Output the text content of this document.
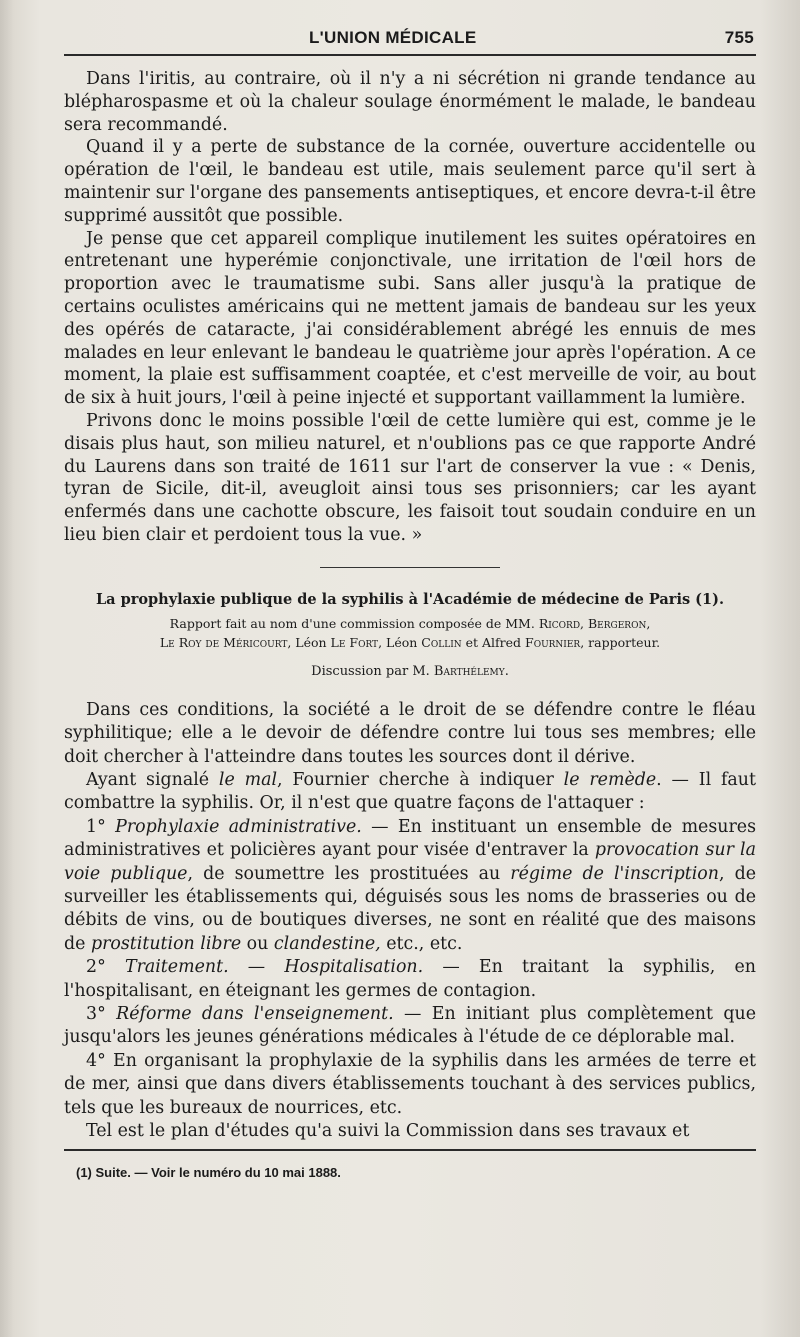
L'UNION MÉDICALE	755

Dans l'iritis, au contraire, où il n'y a ni sécrétion ni grande tendance au blépharospasme et où la chaleur soulage énormément le malade, le bandeau sera recommandé.

Quand il y a perte de substance de la cornée, ouverture accidentelle ou opération de l'œil, le bandeau est utile, mais seulement parce qu'il sert à maintenir sur l'organe des pansements antiseptiques, et encore devra-t-il être supprimé aussitôt que possible.

Je pense que cet appareil complique inutilement les suites opératoires en entretenant une hyperémie conjonctivale, une irritation de l'œil hors de proportion avec le traumatisme subi. Sans aller jusqu'à la pratique de certains oculistes américains qui ne mettent jamais de bandeau sur les yeux des opérés de cataracte, j'ai considérablement abrégé les ennuis de mes malades en leur enlevant le bandeau le quatrième jour après l'opération. A ce moment, la plaie est suffisamment coaptée, et c'est merveille de voir, au bout de six à huit jours, l'œil à peine injecté et supportant vaillamment la lumière.

Privons donc le moins possible l'œil de cette lumière qui est, comme je le disais plus haut, son milieu naturel, et n'oublions pas ce que rapporte André du Laurens dans son traité de 1611 sur l'art de conserver la vue : « Denis, tyran de Sicile, dit-il, aveugloit ainsi tous ses prisonniers; car les ayant enfermés dans une cachotte obscure, les faisoit tout soudain conduire en un lieu bien clair et perdoient tous la vue. »

La prophylaxie publique de la syphilis à l'Académie de médecine de Paris (1).
Rapport fait au nom d'une commission composée de MM. Ricord, Bergeron,
Le Roy de Méricourt, Léon Le Fort, Léon Collin et Alfred Fournier, rapporteur.
Discussion par M. Barthélemy.

Dans ces conditions, la société a le droit de se défendre contre le fléau syphilitique; elle a le devoir de défendre contre lui tous ses membres; elle doit chercher à l'atteindre dans toutes les sources dont il dérive.

Ayant signalé le mal, Fournier cherche à indiquer le remède. — Il faut combattre la syphilis. Or, il n'est que quatre façons de l'attaquer :

1° Prophylaxie administrative. — En instituant un ensemble de mesures administratives et policières ayant pour visée d'entraver la provocation sur la voie publique, de soumettre les prostituées au régime de l'inscription, de surveiller les établissements qui, déguisés sous les noms de brasseries ou de débits de vins, ou de boutiques diverses, ne sont en réalité que des maisons de prostitution libre ou clandestine, etc., etc.

2° Traitement. — Hospitalisation. — En traitant la syphilis, en l'hospitalisant, en éteignant les germes de contagion.

3° Réforme dans l'enseignement. — En initiant plus complètement que jusqu'alors les jeunes générations médicales à l'étude de ce déplorable mal.

4° En organisant la prophylaxie de la syphilis dans les armées de terre et de mer, ainsi que dans divers établissements touchant à des services publics, tels que les bureaux de nourrices, etc.

Tel est le plan d'études qu'a suivi la Commission dans ses travaux et

(1) Suite. — Voir le numéro du 10 mai 1888.
